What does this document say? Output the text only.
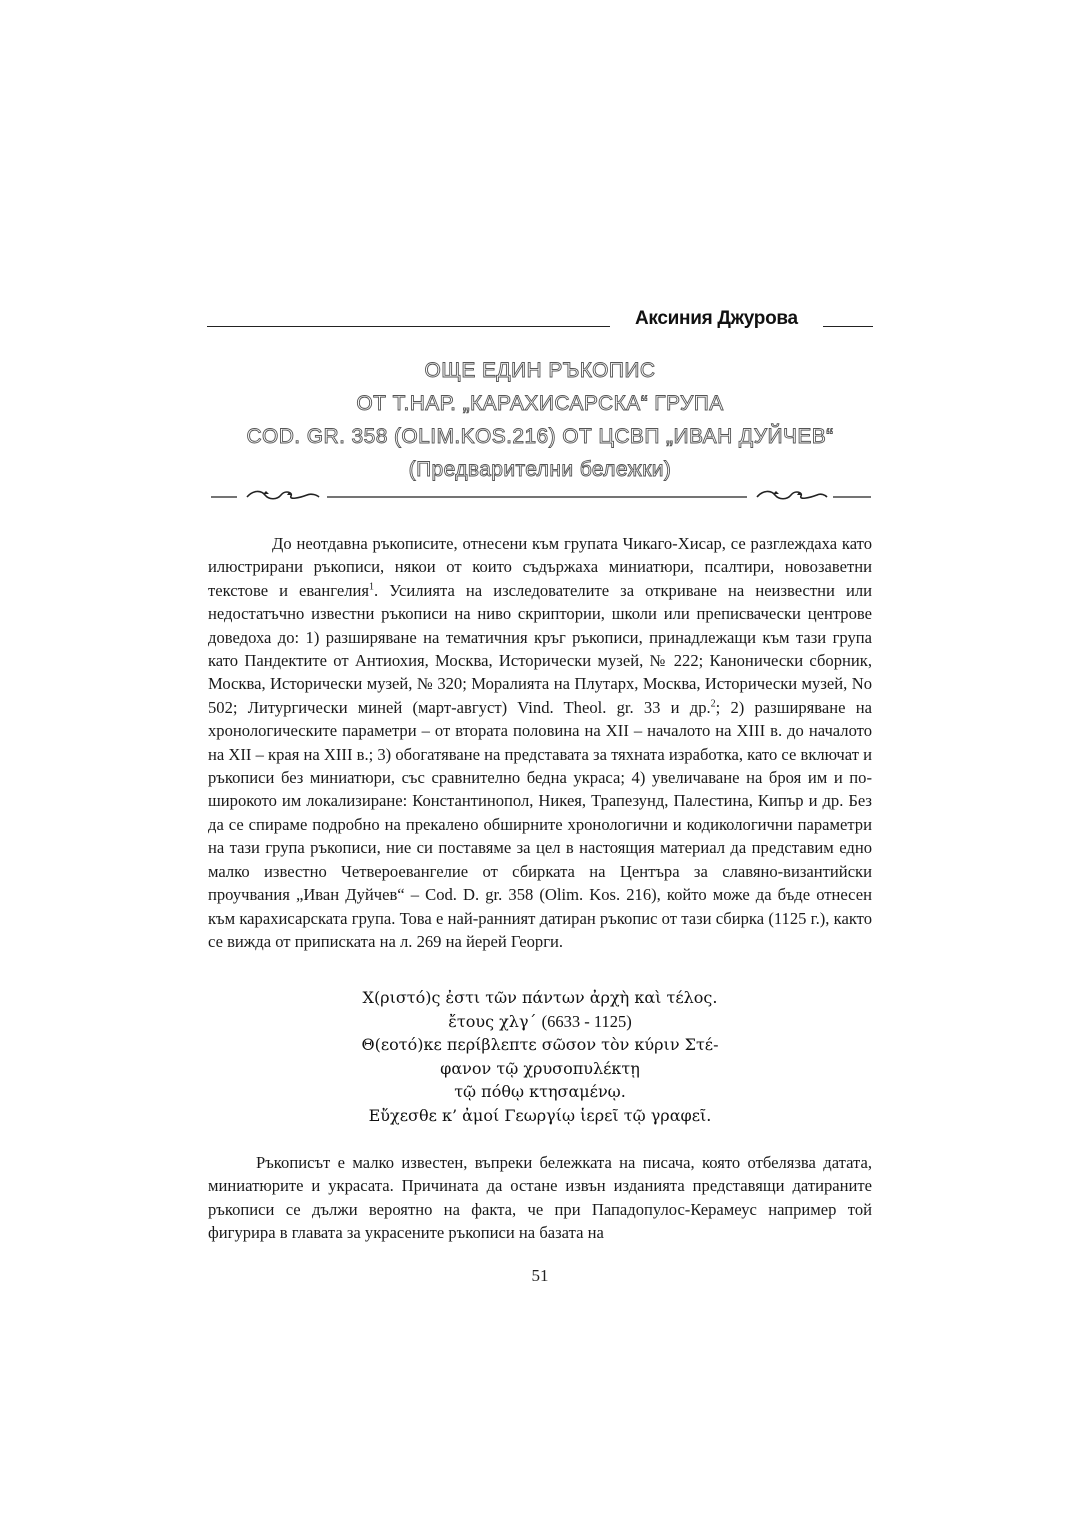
Аксиния Джурова
ОЩЕ ЕДИН РЪКОПИС
ОТ Т.НАР. „КАРАХИСАРСКА“ ГРУПА
COD. GR. 358 (OLIM.KOS.216) ОТ ЦСВП „ИВАН ДУЙЧЕВ“
(Предварителни бележки)
До неотдавна ръкописите, отнесени към групата Чикаго-Хисар, се разглеждаха като илюстрирани ръкописи, някои от които съдържаха миниатюри, псалтири, новозаветни текстове и евангелия$^1$. Усилията на изследователите за откриване на неизвестни или недостатъчно известни ръкописи на ниво скриптории, школи или преписвачески центрове доведоха до: 1) разширяване на тематичния кръг ръкописи, принадлежащи към тази група като Пандектите от Антиохия, Москва, Исторически музей, № 222; Канонически сборник, Москва, Исторически музей, № 320; Моралията на Плутарх, Москва, Исторически музей, No 502; Литургически миней (март-август) Vind. Theol. gr. 33 и др.$^2$; 2) разширяване на хронологическите параметри – от втората половина на XII – началото на XIII в. до началото на XII – края на XIII в.; 3) обогатяване на представата за тяхната изработка, като се включат и ръкописи без миниатюри, със сравнително бедна украса; 4) увеличаване на броя им и по-широкото им локализиране: Константинопол, Никея, Трапезунд, Палестина, Кипър и др. Без да се спираме подробно на прекалено обширните хронологични и кодикологични параметри на тази група ръкописи, ние си поставяме за цел в настоящия материал да представим едно малко известно Четвероевангелие от сбирката на Центъра за славяно-византийски проучвания „Иван Дуйчев“ – Cod. D. gr. 358 (Olim. Kos. 216), който може да бъде отнесен към карахисарската група. Това е най-ранният датиран ръкопис от тази сбирка (1125 г.), както се вижда от приписката на л. 269 на йерей Георги.
Χ(ριστό)ς ἐστι τῶν πάντων ἀρχὴ καὶ τέλος.
ἔτους χλγ΄ (6633 - 1125)
Θ(εοτό)κε περίβλεπτε σῶσον τὸν κύριν Στέ-
φανον τῷ χρυσοπυλέκτῃ
τῷ πόθῳ κτησαμένῳ.
Εὔχεσθε κ’ ἀμοί Γεωργίῳ ἱερεῖ τῷ γραφεῖ.
Ръкописът е малко известен, въпреки бележката на писача, която отбелязва датата, миниатюрите и украсата. Причината да остане извън изданията представящи датираните ръкописи се дължи вероятно на факта, че при Пападопулос-Керамеус например той фигурира в главата за украсените ръкописи на базата на
51
